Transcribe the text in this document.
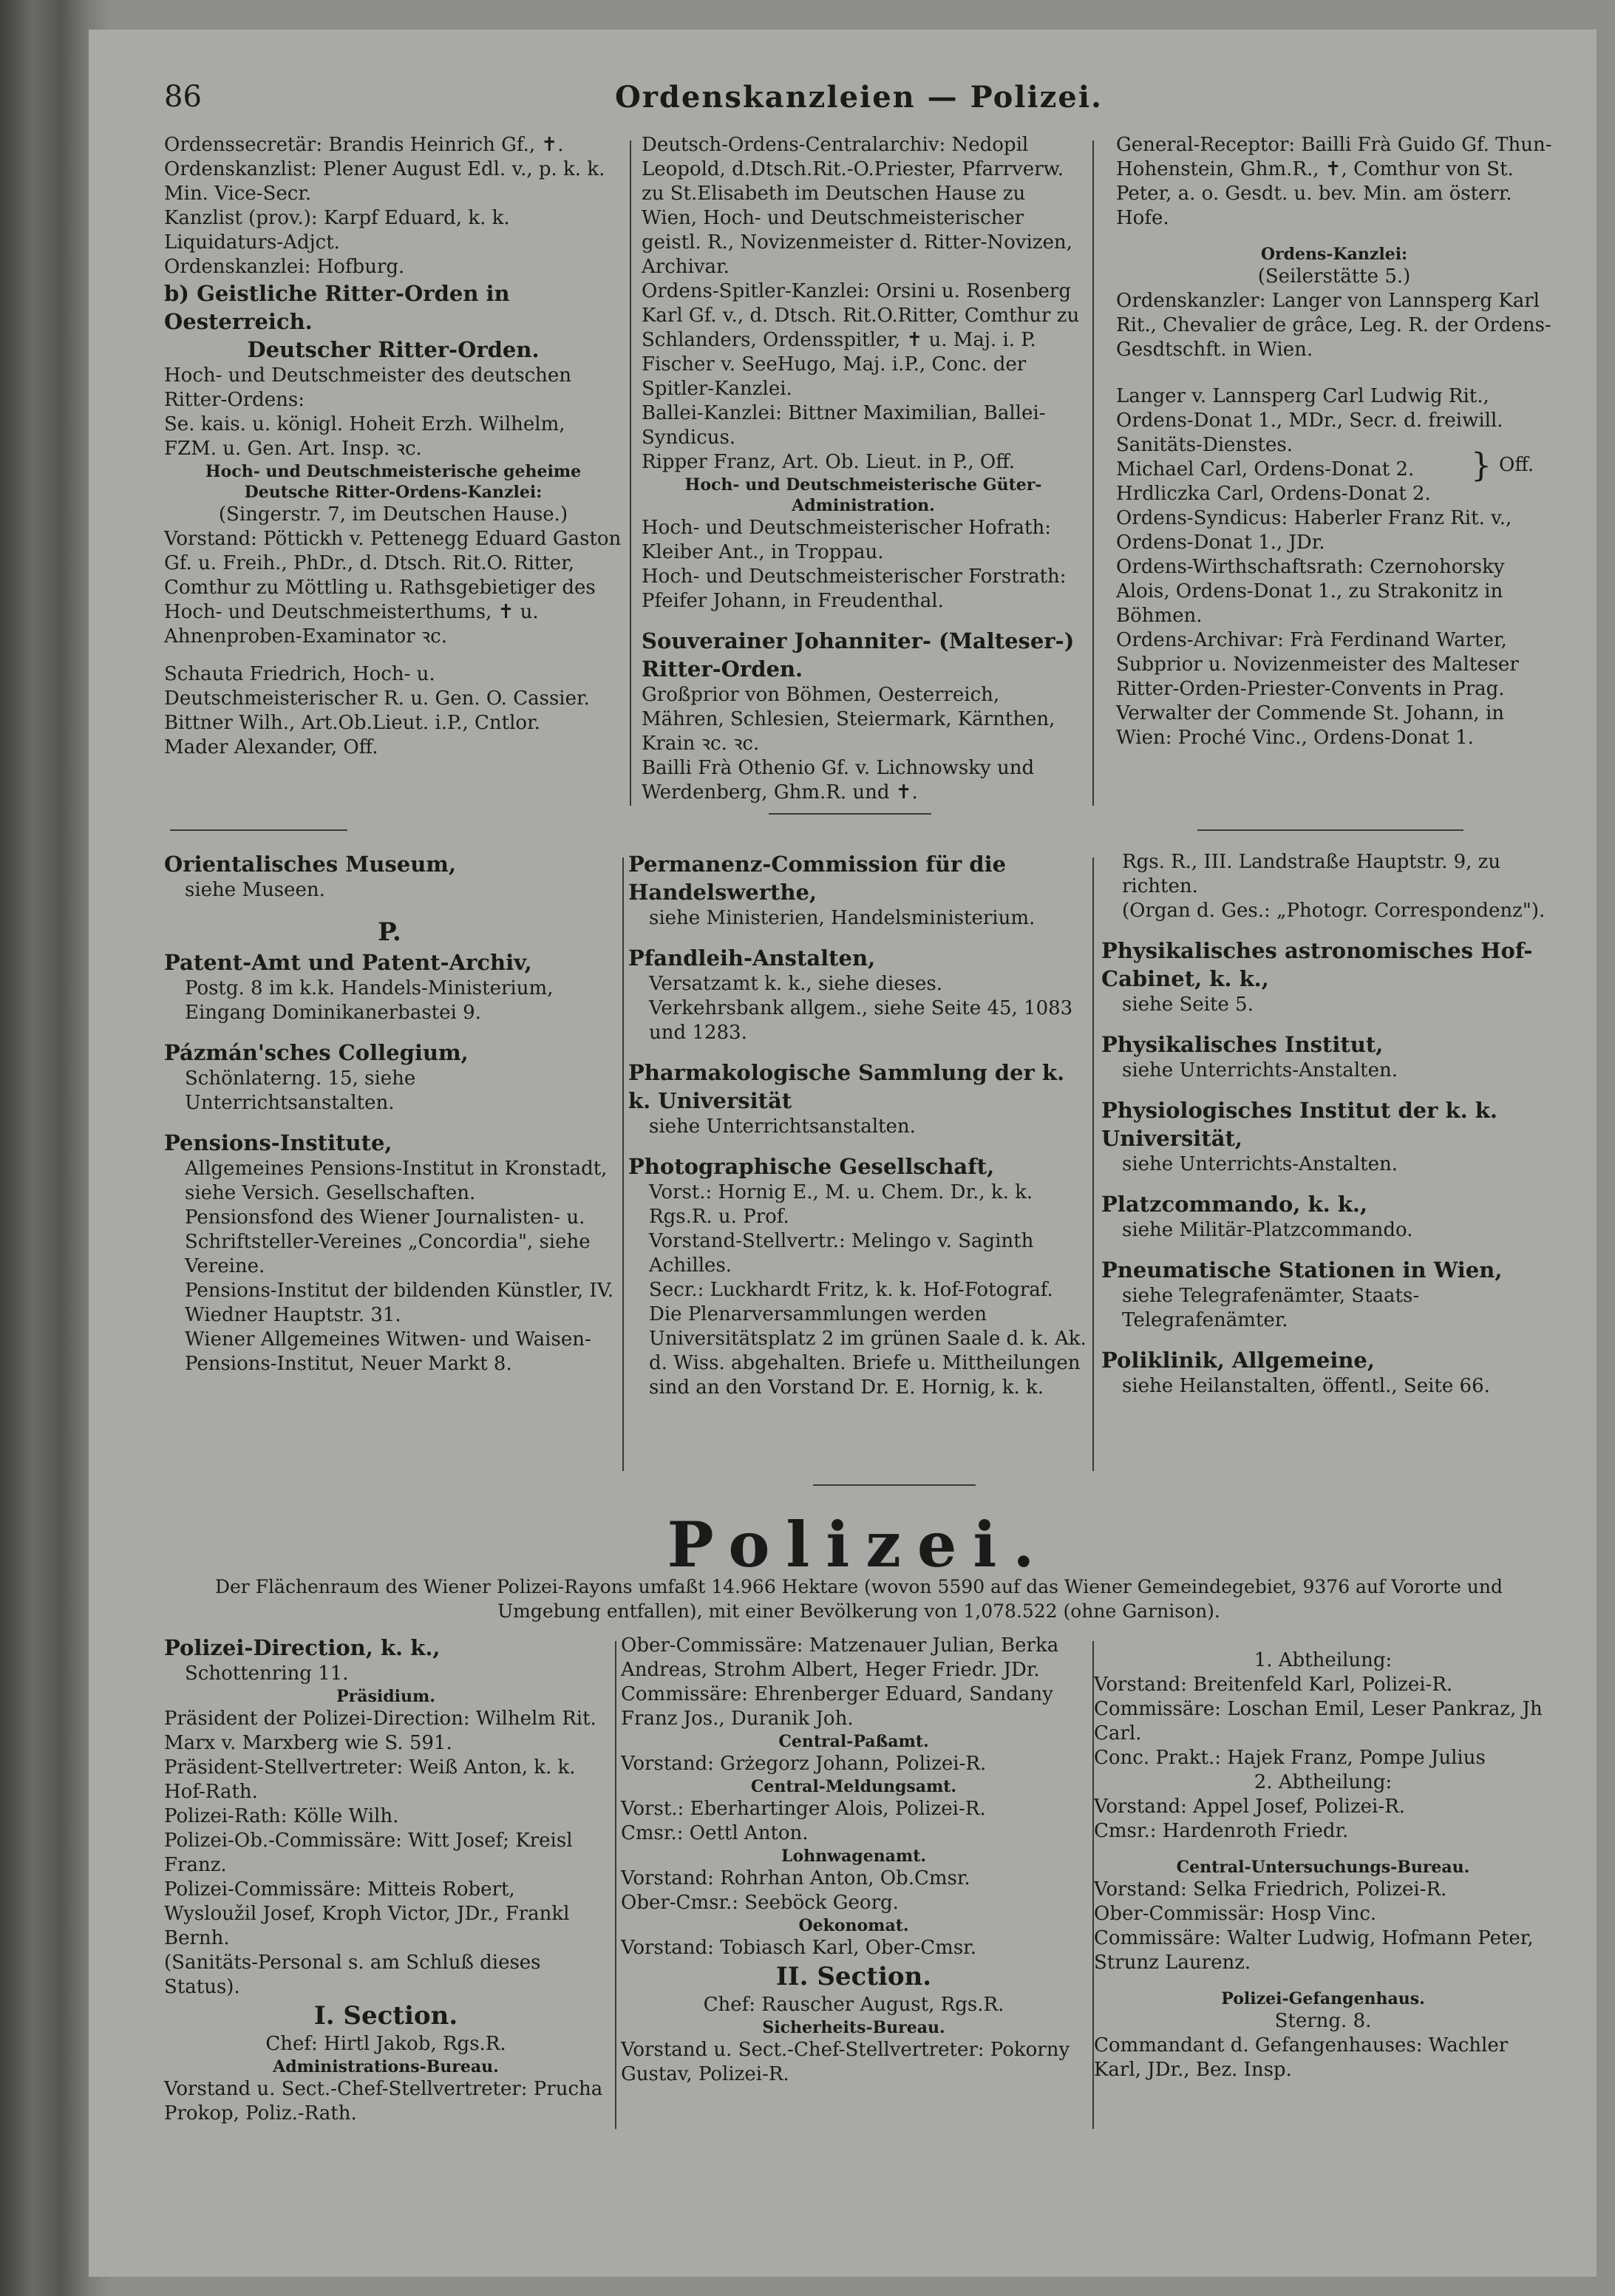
86	Ordenskanzleien — Polizei.

Ordenssecretär: Brandis Heinrich Gf., ✝.

Ordenskanzlist: Plener August Edl. v., p. k. k. Min. Vice-Secr.

Kanzlist (prov.): Karpf Eduard, k. k. Liquidaturs-Adjct.

Ordenskanzlei: Hofburg.

b) Geistliche Ritter-Orden in Oesterreich.

Deutscher Ritter-Orden.

Hoch- und Deutschmeister des deutschen Ritter-Ordens:

Se. kais. u. königl. Hoheit Erzh. Wilhelm, FZM. u. Gen. Art. Insp. ꝛc.

Hoch- und Deutschmeisterische geheime Deutsche Ritter-Ordens-Kanzlei:

(Singerstr. 7, im Deutschen Hause.)

Vorstand: Pöttickh v. Pettenegg Eduard Gaston Gf. u. Freih., PhDr., d. Dtsch. Rit.O. Ritter, Comthur zu Möttling u. Rathsgebietiger des Hoch- und Deutschmeisterthums, ✝ u. Ahnenproben-Examinator ꝛc.

Schauta Friedrich, Hoch- u. Deutschmeisterischer R. u. Gen. O. Cassier.

Bittner Wilh., Art.Ob.Lieut. i.P., Cntlor.

Mader Alexander, Off.

Deutsch-Ordens-Centralarchiv: Nedopil Leopold, d.Dtsch.Rit.-O.Priester, Pfarrverw. zu St.Elisabeth im Deutschen Hause zu Wien, Hoch- und Deutschmeisterischer geistl. R., Novizenmeister d. Ritter-Novizen, Archivar.

Ordens-Spitler-Kanzlei: Orsini u. Rosenberg Karl Gf. v., d. Dtsch. Rit.O.Ritter, Comthur zu Schlanders, Ordensspitler, ✝ u. Maj. i. P.

Fischer v. SeeHugo, Maj. i.P., Conc. der Spitler-Kanzlei.

Ballei-Kanzlei: Bittner Maximilian, Ballei-Syndicus.

Ripper Franz, Art. Ob. Lieut. in P., Off.

Hoch- und Deutschmeisterische Güter-Administration.

Hoch- und Deutschmeisterischer Hofrath: Kleiber Ant., in Troppau.

Hoch- und Deutschmeisterischer Forstrath: Pfeifer Johann, in Freudenthal.

Souverainer Johanniter- (Malteser-) Ritter-Orden.

Großprior von Böhmen, Oesterreich, Mähren, Schlesien, Steiermark, Kärnthen, Krain ꝛc. ꝛc.

Bailli Frà Othenio Gf. v. Lichnowsky und Werdenberg, Ghm.R. und ✝.

General-Receptor: Bailli Frà Guido Gf. Thun-Hohenstein, Ghm.R., ✝, Comthur von St. Peter, a. o. Gesdt. u. bev. Min. am österr. Hofe.

Ordens-Kanzlei:

(Seilerstätte 5.)

Ordenskanzler: Langer von Lannsperg Karl Rit., Chevalier de grâce, Leg. R. der Ordens-Gesdtschft. in Wien.

Langer v. Lannsperg Carl Ludwig Rit., Ordens-Donat 1., MDr., Secr. d. freiwill. Sanitäts-Dienstes.

Michael Carl, Ordens-Donat 2.

Hrdliczka Carl, Ordens-Donat 2.

Ordens-Syndicus: Haberler Franz Rit. v., Ordens-Donat 1., JDr.

Ordens-Wirthschaftsrath: Czernohorsky Alois, Ordens-Donat 1., zu Strakonitz in Böhmen.

Ordens-Archivar: Frà Ferdinand Warter, Subprior u. Novizenmeister des Malteser Ritter-Orden-Priester-Convents in Prag.

Verwalter der Commende St. Johann, in Wien: Proché Vinc., Ordens-Donat 1.

} Off.

Orientalisches Museum,

siehe Museen.

P.

Patent-Amt und Patent-Archiv,

Postg. 8 im k.k. Handels-Ministerium, Eingang Dominikanerbastei 9.

Pázmán'sches Collegium,

Schönlaterng. 15, siehe Unterrichtsanstalten.

Pensions-Institute,

Allgemeines Pensions-Institut in Kronstadt, siehe Versich. Gesellschaften.

Pensionsfond des Wiener Journalisten- u. Schriftsteller-Vereines „Concordia", siehe Vereine.

Pensions-Institut der bildenden Künstler, IV. Wiedner Hauptstr. 31.

Wiener Allgemeines Witwen- und Waisen-Pensions-Institut, Neuer Markt 8.

Permanenz-Commission für die Handelswerthe,

siehe Ministerien, Handelsministerium.

Pfandleih-Anstalten,

Versatzamt k. k., siehe dieses.

Verkehrsbank allgem., siehe Seite 45, 1083 und 1283.

Pharmakologische Sammlung der k. k. Universität

siehe Unterrichtsanstalten.

Photographische Gesellschaft,

Vorst.: Hornig E., M. u. Chem. Dr., k. k. Rgs.R. u. Prof.

Vorstand-Stellvertr.: Melingo v. Saginth Achilles.

Secr.: Luckhardt Fritz, k. k. Hof-Fotograf.

Die Plenarversammlungen werden Universitätsplatz 2 im grünen Saale d. k. Ak. d. Wiss. abgehalten. Briefe u. Mittheilungen sind an den Vorstand Dr. E. Hornig, k. k.

Rgs. R., III. Landstraße Hauptstr. 9, zu richten.

(Organ d. Ges.: „Photogr. Correspondenz").

Physikalisches astronomisches Hof-Cabinet, k. k.,

siehe Seite 5.

Physikalisches Institut,

siehe Unterrichts-Anstalten.

Physiologisches Institut der k. k. Universität,

siehe Unterrichts-Anstalten.

Platzcommando, k. k.,

siehe Militär-Platzcommando.

Pneumatische Stationen in Wien,

siehe Telegrafenämter, Staats-Telegrafenämter.

Poliklinik, Allgemeine,

siehe Heilanstalten, öffentl., Seite 66.

Polizei.
Der Flächenraum des Wiener Polizei-Rayons umfaßt 14.966 Hektare (wovon 5590 auf das Wiener Gemeindegebiet, 9376 auf Vororte und Umgebung entfallen), mit einer Bevölkerung von 1,078.522 (ohne Garnison).

Polizei-Direction, k. k.,

Schottenring 11.

Präsidium.

Präsident der Polizei-Direction: Wilhelm Rit. Marx v. Marxberg wie S. 591.

Präsident-Stellvertreter: Weiß Anton, k. k. Hof-Rath.

Polizei-Rath: Kölle Wilh.

Polizei-Ob.-Commissäre: Witt Josef; Kreisl Franz.

Polizei-Commissäre: Mitteis Robert, Wysloužil Josef, Kroph Victor, JDr., Frankl Bernh.

(Sanitäts-Personal s. am Schluß dieses Status).

I. Section.

Chef: Hirtl Jakob, Rgs.R.

Administrations-Bureau.

Vorstand u. Sect.-Chef-Stellvertreter: Prucha Prokop, Poliz.-Rath.

Ober-Commissäre: Matzenauer Julian, Berka Andreas, Strohm Albert, Heger Friedr. JDr.

Commissäre: Ehrenberger Eduard, Sandany Franz Jos., Duranik Joh.

Central-Paßamt.

Vorstand: Grżegorz Johann, Polizei-R.

Central-Meldungsamt.

Vorst.: Eberhartinger Alois, Polizei-R.

Cmsr.: Oettl Anton.

Lohnwagenamt.

Vorstand: Rohrhan Anton, Ob.Cmsr.

Ober-Cmsr.: Seeböck Georg.

Oekonomat.

Vorstand: Tobiasch Karl, Ober-Cmsr.

II. Section.

Chef: Rauscher August, Rgs.R.

Sicherheits-Bureau.

Vorstand u. Sect.-Chef-Stellvertreter: Pokorny Gustav, Polizei-R.

1. Abtheilung:

Vorstand: Breitenfeld Karl, Polizei-R.

Commissäre: Loschan Emil, Leser Pankraz, Jh Carl.

Conc. Prakt.: Hajek Franz, Pompe Julius

2. Abtheilung:

Vorstand: Appel Josef, Polizei-R.

Cmsr.: Hardenroth Friedr.

Central-Untersuchungs-Bureau.

Vorstand: Selka Friedrich, Polizei-R.

Ober-Commissär: Hosp Vinc.

Commissäre: Walter Ludwig, Hofmann Peter, Strunz Laurenz.

Polizei-Gefangenhaus.

Sterng. 8.

Commandant d. Gefangenhauses: Wachler Karl, JDr., Bez. Insp.
